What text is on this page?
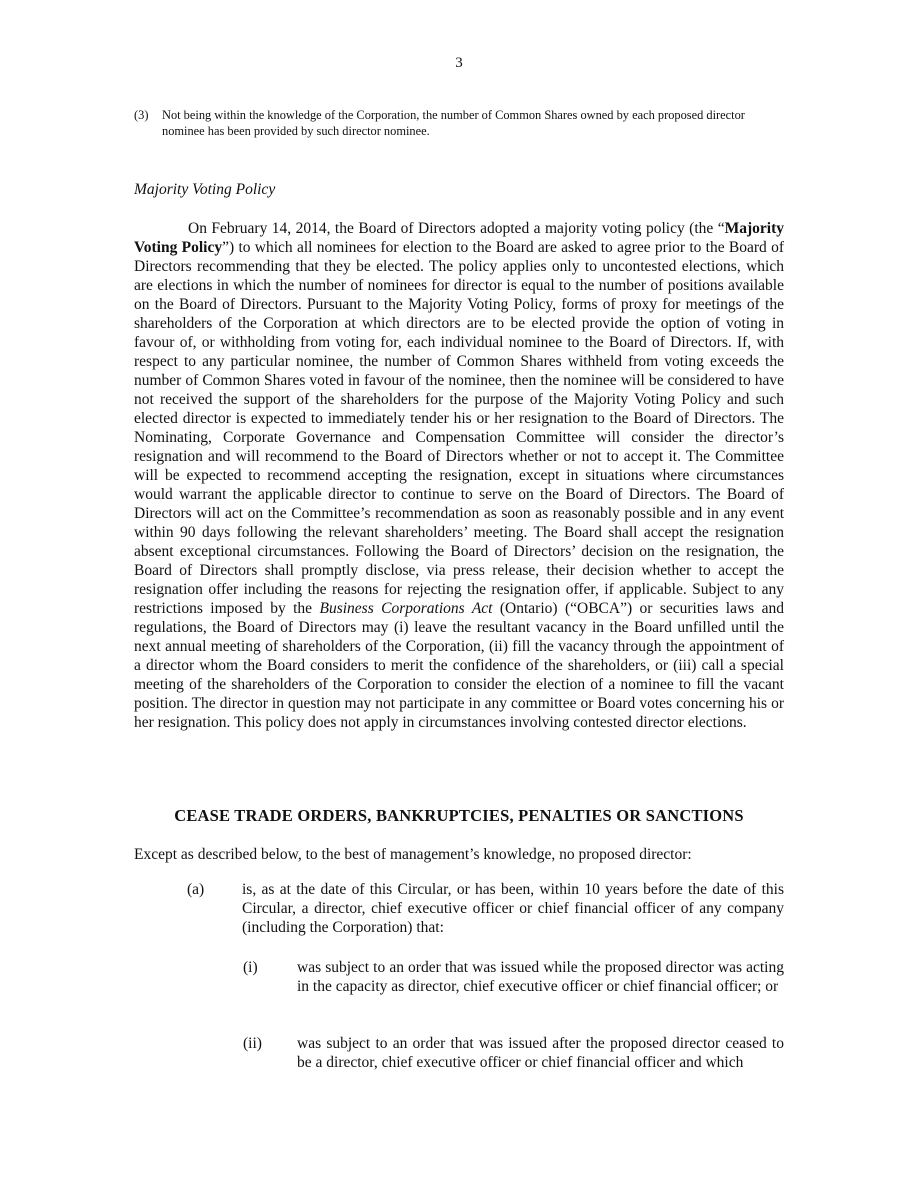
3
(3)	Not being within the knowledge of the Corporation, the number of Common Shares owned by each proposed director nominee has been provided by such director nominee.
Majority Voting Policy

On February 14, 2014, the Board of Directors adopted a majority voting policy (the “Majority Voting Policy”) to which all nominees for election to the Board are asked to agree prior to the Board of Directors recommending that they be elected. The policy applies only to uncontested elections, which are elections in which the number of nominees for director is equal to the number of positions available on the Board of Directors. Pursuant to the Majority Voting Policy, forms of proxy for meetings of the shareholders of the Corporation at which directors are to be elected provide the option of voting in favour of, or withholding from voting for, each individual nominee to the Board of Directors. If, with respect to any particular nominee, the number of Common Shares withheld from voting exceeds the number of Common Shares voted in favour of the nominee, then the nominee will be considered to have not received the support of the shareholders for the purpose of the Majority Voting Policy and such elected director is expected to immediately tender his or her resignation to the Board of Directors. The Nominating, Corporate Governance and Compensation Committee will consider the director’s resignation and will recommend to the Board of Directors whether or not to accept it. The Committee will be expected to recommend accepting the resignation, except in situations where circumstances would warrant the applicable director to continue to serve on the Board of Directors. The Board of Directors will act on the Committee’s recommendation as soon as reasonably possible and in any event within 90 days following the relevant shareholders’ meeting. The Board shall accept the resignation absent exceptional circumstances. Following the Board of Directors’ decision on the resignation, the Board of Directors shall promptly disclose, via press release, their decision whether to accept the resignation offer including the reasons for rejecting the resignation offer, if applicable. Subject to any restrictions imposed by the Business Corporations Act (Ontario) (“OBCA”) or securities laws and regulations, the Board of Directors may (i) leave the resultant vacancy in the Board unfilled until the next annual meeting of shareholders of the Corporation, (ii) fill the vacancy through the appointment of a director whom the Board considers to merit the confidence of the shareholders, or (iii) call a special meeting of the shareholders of the Corporation to consider the election of a nominee to fill the vacant position. The director in question may not participate in any committee or Board votes concerning his or her resignation. This policy does not apply in circumstances involving contested director elections.

CEASE TRADE ORDERS, BANKRUPTCIES, PENALTIES OR SANCTIONS
Except as described below, to the best of management’s knowledge, no proposed director:
(a)	is, as at the date of this Circular, or has been, within 10 years before the date of this Circular, a director, chief executive officer or chief financial officer of any company (including the Corporation) that:
(i)	was subject to an order that was issued while the proposed director was acting in the capacity as director, chief executive officer or chief financial officer; or
(ii)	was subject to an order that was issued after the proposed director ceased to be a director, chief executive officer or chief financial officer and which
